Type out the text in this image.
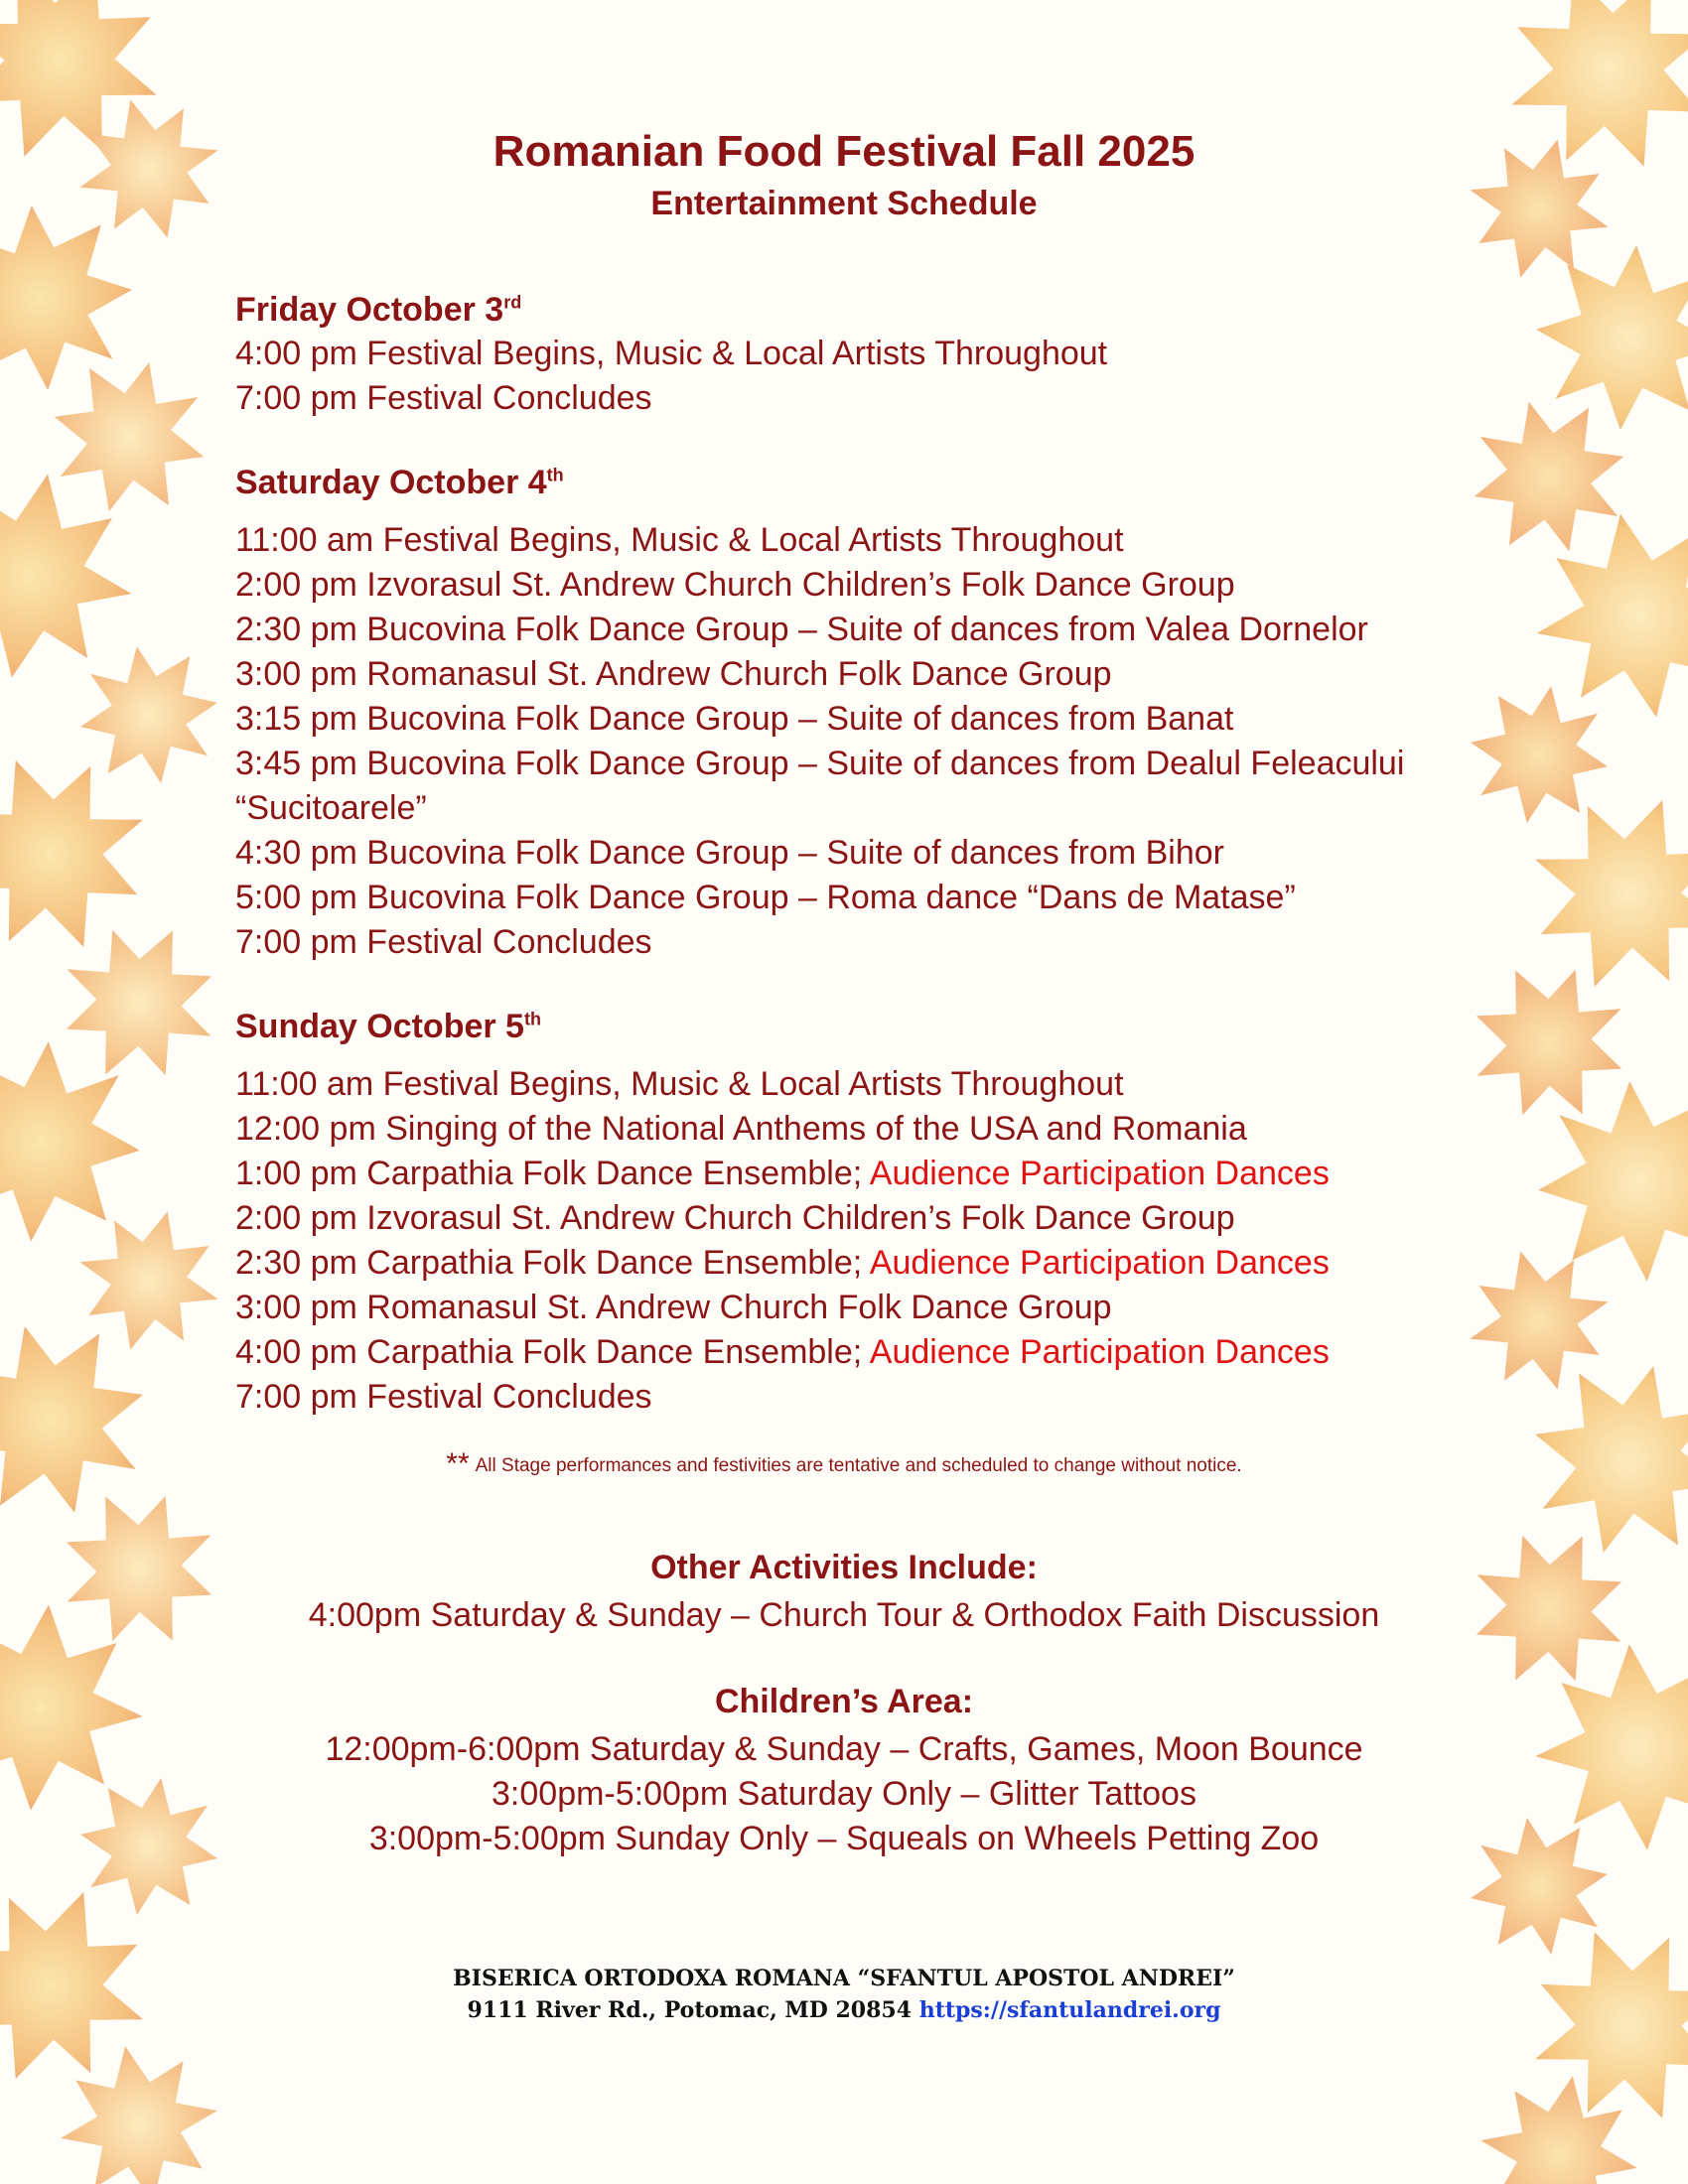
Romanian Food Festival Fall 2025
Entertainment Schedule
Friday October 3rd
4:00 pm Festival Begins, Music & Local Artists Throughout
7:00 pm Festival Concludes
Saturday October 4th
11:00 am Festival Begins, Music & Local Artists Throughout
2:00 pm Izvorasul St. Andrew Church Children’s Folk Dance Group
2:30 pm Bucovina Folk Dance Group – Suite of dances from Valea Dornelor
3:00 pm Romanasul St. Andrew Church Folk Dance Group
3:15 pm Bucovina Folk Dance Group – Suite of dances from Banat
3:45 pm Bucovina Folk Dance Group – Suite of dances from Dealul Feleacului
“Sucitoarele”
4:30 pm Bucovina Folk Dance Group – Suite of dances from Bihor
5:00 pm Bucovina Folk Dance Group – Roma dance “Dans de Matase”
7:00 pm Festival Concludes
Sunday October 5th
11:00 am Festival Begins, Music & Local Artists Throughout
12:00 pm Singing of the National Anthems of the USA and Romania
1:00 pm Carpathia Folk Dance Ensemble; Audience Participation Dances
2:00 pm Izvorasul St. Andrew Church Children’s Folk Dance Group
2:30 pm Carpathia Folk Dance Ensemble; Audience Participation Dances
3:00 pm Romanasul St. Andrew Church Folk Dance Group
4:00 pm Carpathia Folk Dance Ensemble; Audience Participation Dances
7:00 pm Festival Concludes
** All Stage performances and festivities are tentative and scheduled to change without notice.
Other Activities Include:
4:00pm Saturday & Sunday – Church Tour & Orthodox Faith Discussion
Children’s Area:
12:00pm-6:00pm Saturday & Sunday – Crafts, Games, Moon Bounce
3:00pm-5:00pm Saturday Only – Glitter Tattoos
3:00pm-5:00pm Sunday Only – Squeals on Wheels Petting Zoo
BISERICA ORTODOXA ROMANA “SFANTUL APOSTOL ANDREI”
9111 River Rd., Potomac, MD 20854 https://sfantulandrei.org
